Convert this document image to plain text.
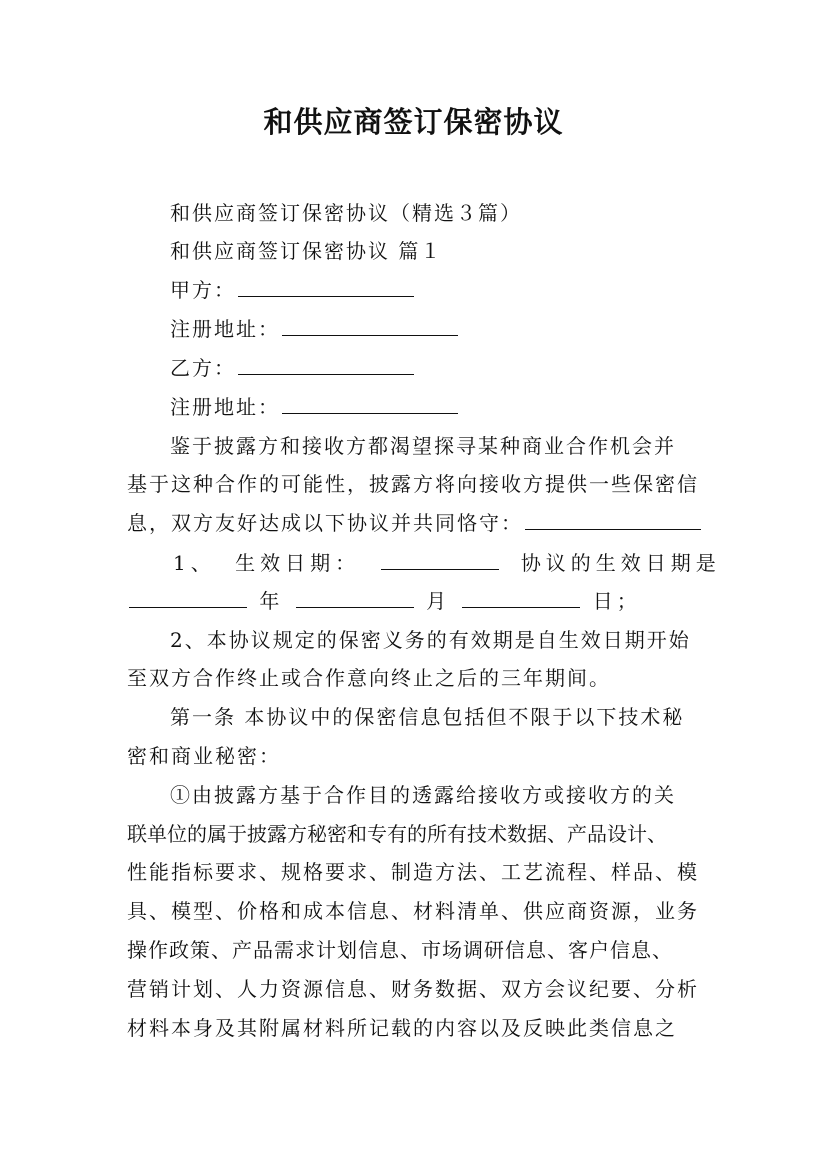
和供应商签订保密协议
和供应商签订保密协议（精选３篇）
和供应商签订保密协议 篇１
甲方：
注册地址：
乙方：
注册地址：
鉴于披露方和接收方都渴望探寻某种商业合作机会并
基于这种合作的可能性，披露方将向接收方提供一些保密信
息，双方友好达成以下协议并共同恪守：
1、 生效日期：	协议的生效日期是
年	月	日；
2、本协议规定的保密义务的有效期是自生效日期开始
至双方合作终止或合作意向终止之后的三年期间。
第一条 本协议中的保密信息包括但不限于以下技术秘
密和商业秘密：
①由披露方基于合作目的透露给接收方或接收方的关
联单位的属于披露方秘密和专有的所有技术数据、产品设计、
性能指标要求、规格要求、制造方法、工艺流程、样品、模
具、模型、价格和成本信息、材料清单、供应商资源，业务
操作政策、产品需求计划信息、市场调研信息、客户信息、
营销计划、人力资源信息、财务数据、双方会议纪要、分析
材料本身及其附属材料所记载的内容以及反映此类信息之
